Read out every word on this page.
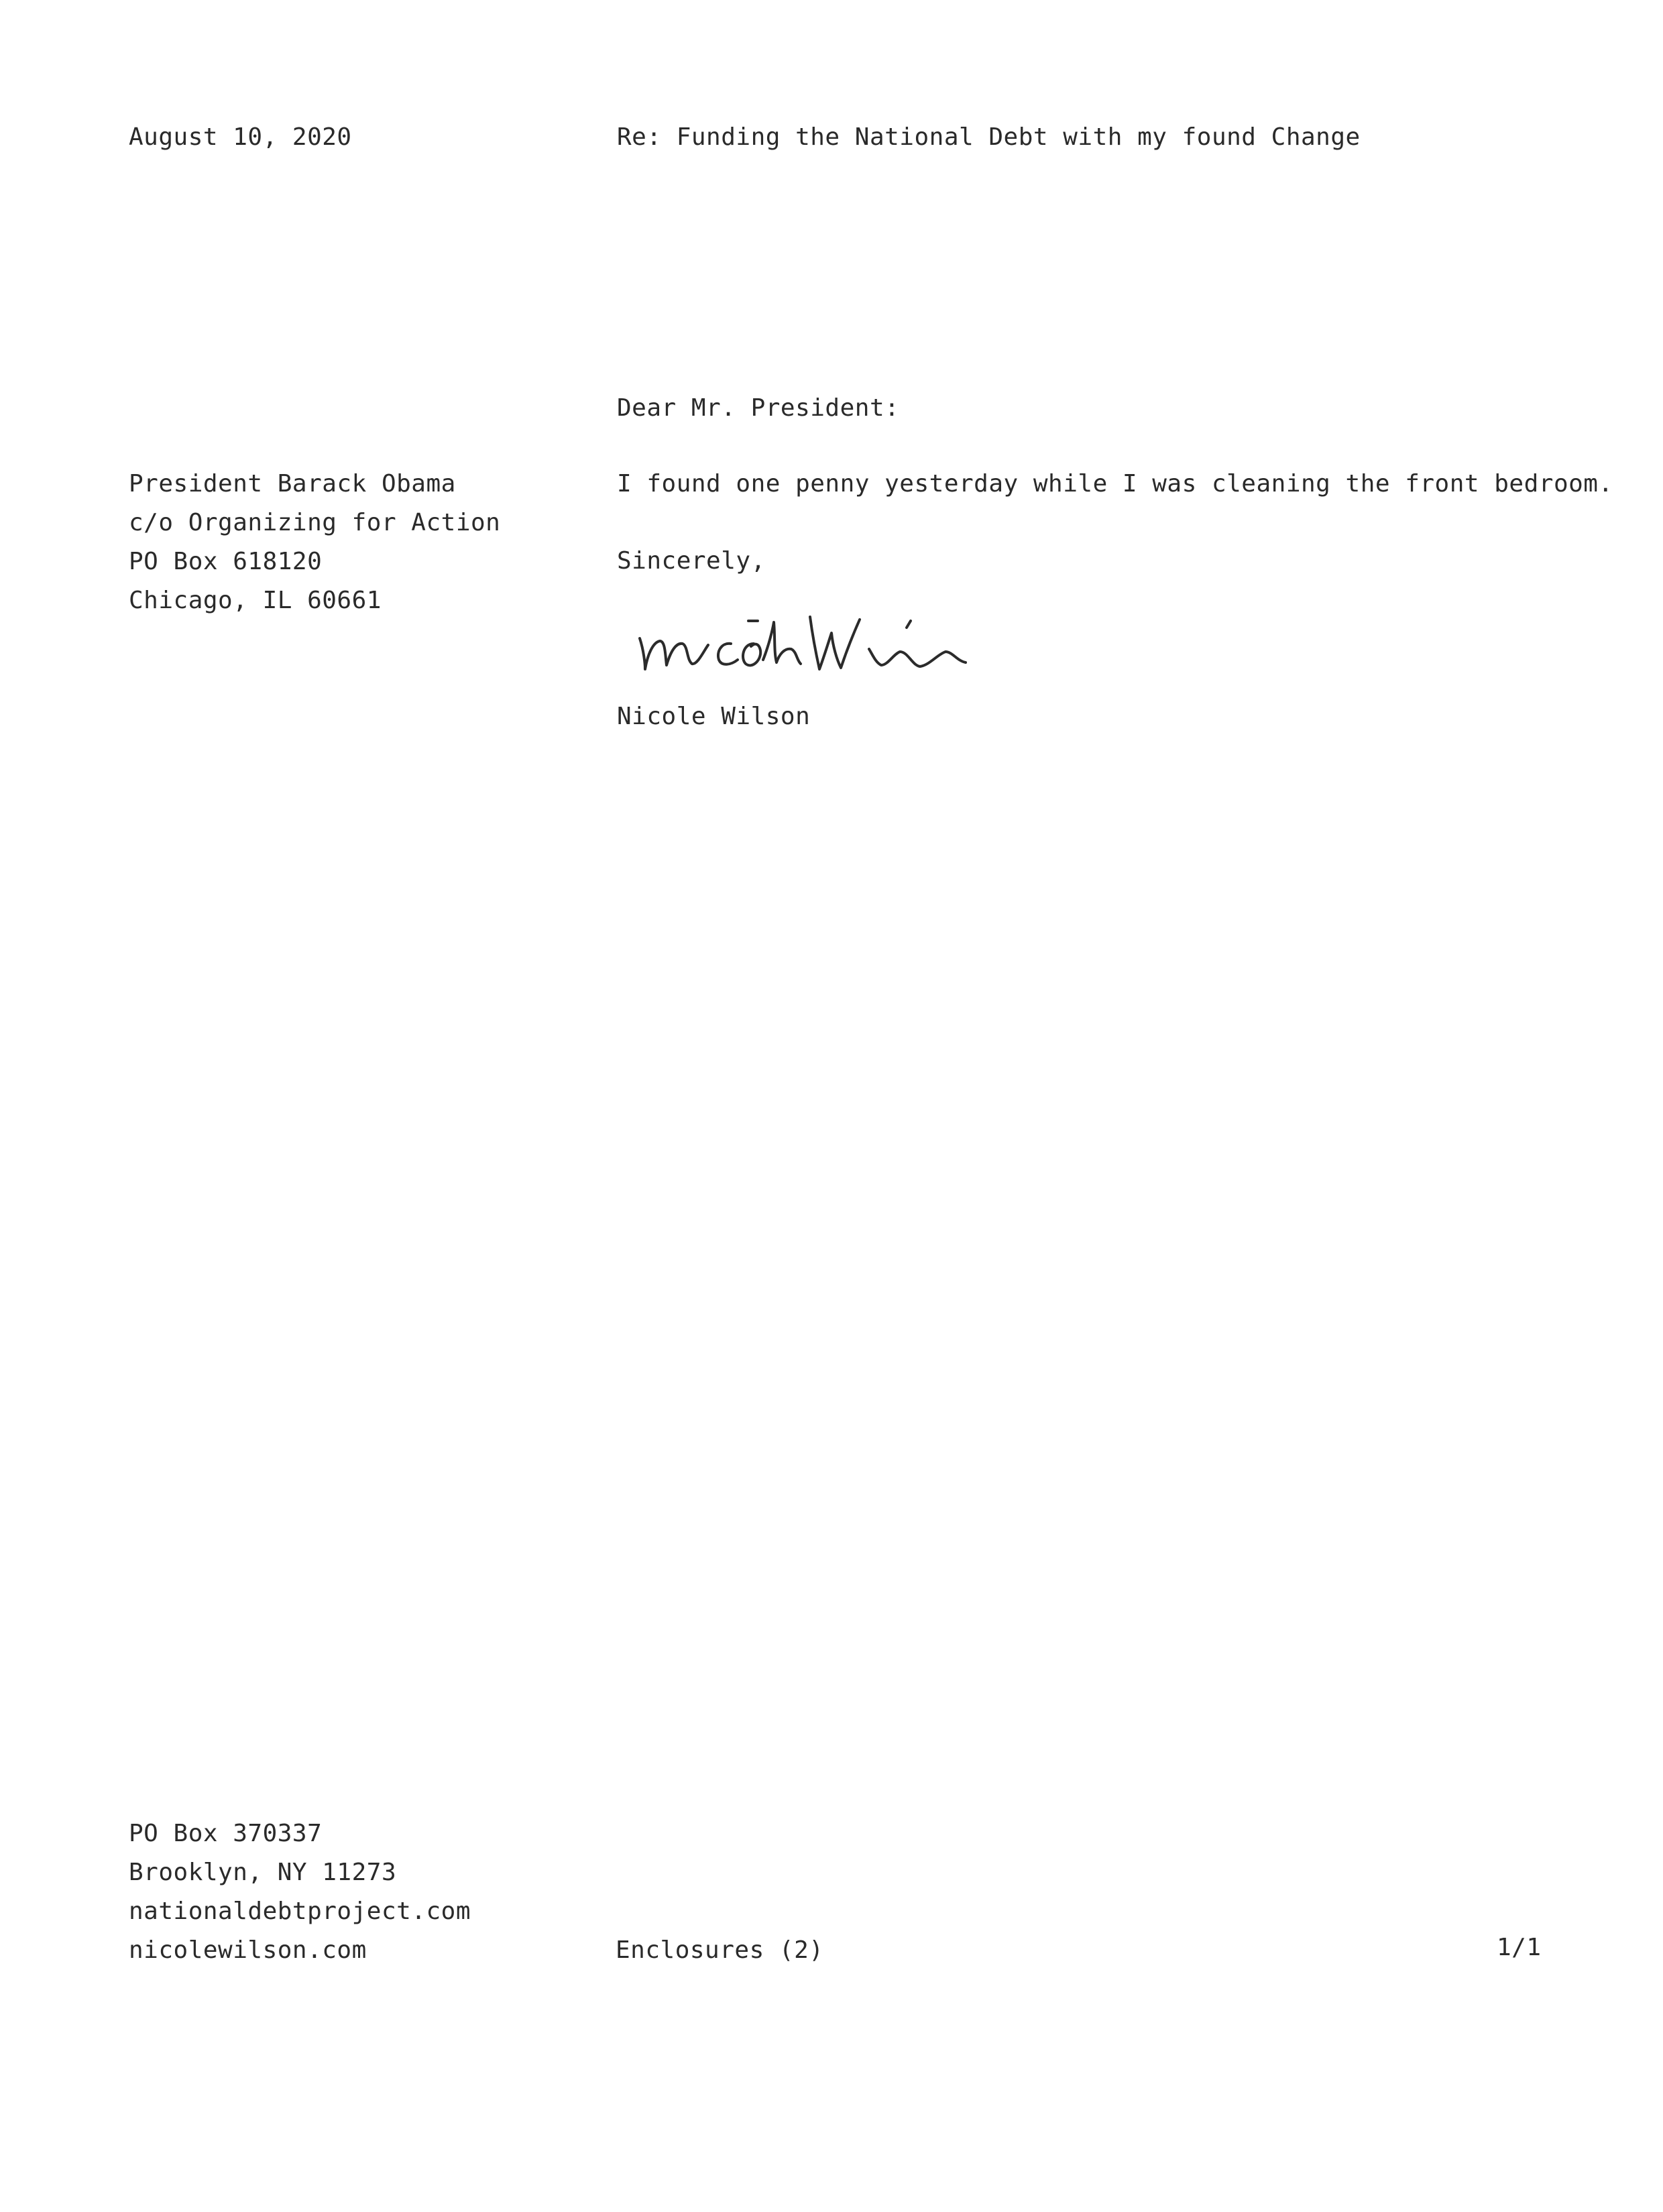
August 10, 2020	Re: Funding the National Debt with my found Change
Dear Mr. President:
President Barack Obama
c/o Organizing for Action
PO Box 618120
Chicago, IL 60661
I found one penny yesterday while I was cleaning the front bedroom.
Sincerely,
Nicole Wilson
PO Box 370337
Brooklyn, NY 11273
nationaldebtproject.com
nicolewilson.com	Enclosures (2)	1/1
